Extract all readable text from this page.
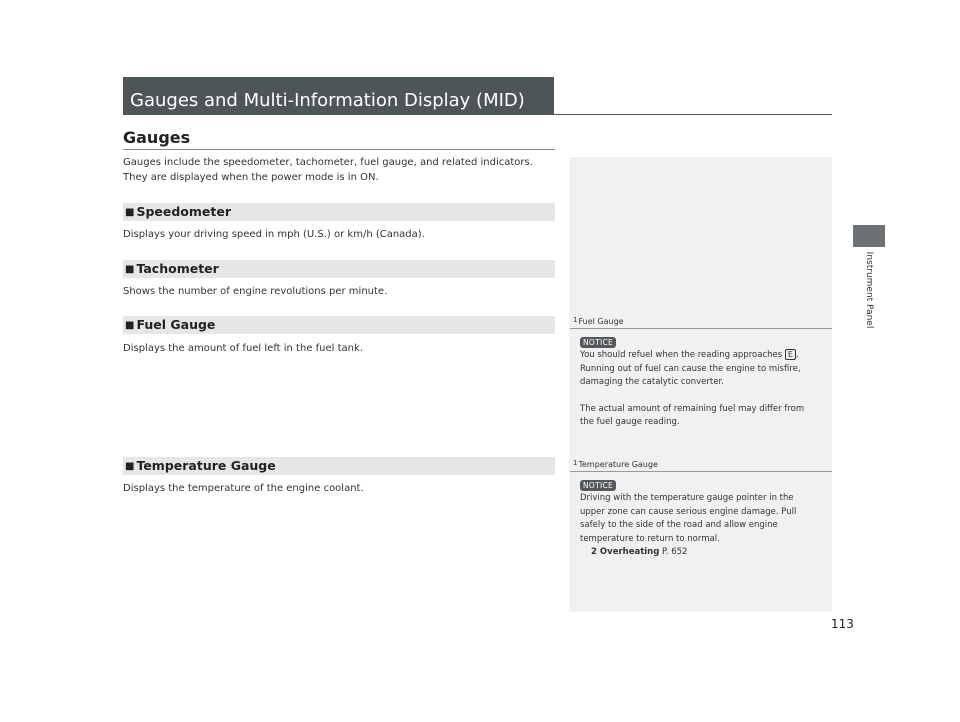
Gauges and Multi-Information Display (MID)
Instrument Panel
Gauges
Gauges include the speedometer, tachometer, fuel gauge, and related indicators.
They are displayed when the power mode is in ON.
■ Speedometer
Displays your driving speed in mph (U.S.) or km/h (Canada).
■ Tachometer
Shows the number of engine revolutions per minute.
■ Fuel Gauge
Displays the amount of fuel left in the fuel tank.
■ Temperature Gauge
Displays the temperature of the engine coolant.
1Fuel Gauge
NOTICE
You should refuel when the reading approaches E .
Running out of fuel can cause the engine to misfire,
damaging the catalytic converter.
The actual amount of remaining fuel may differ from
the fuel gauge reading.
1Temperature Gauge
NOTICE
Driving with the temperature gauge pointer in the
upper zone can cause serious engine damage. Pull
safely to the side of the road and allow engine
temperature to return to normal.
2 Overheating P. 652
113
